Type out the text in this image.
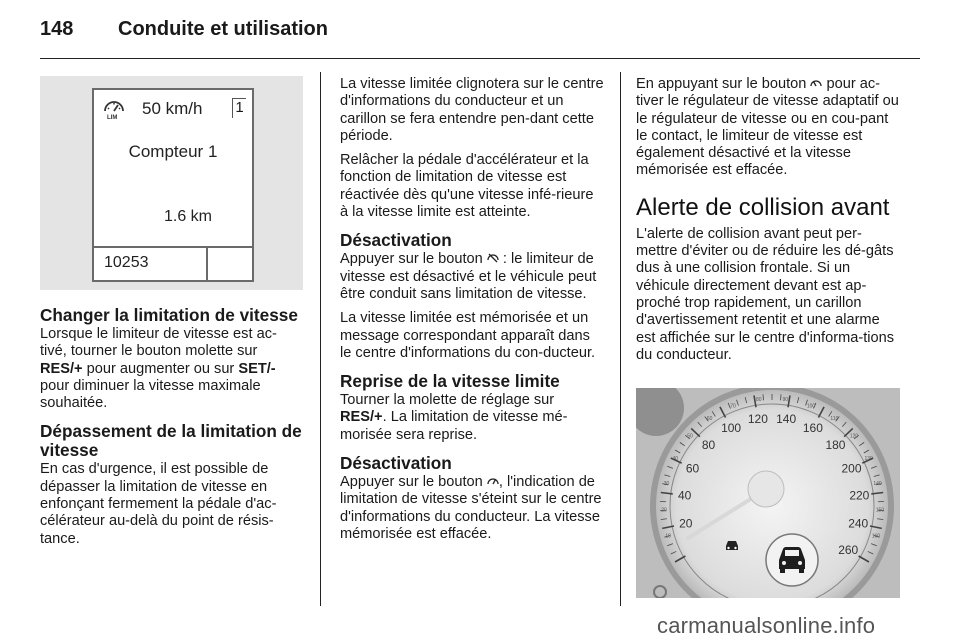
148	Conduite et utilisation
LIM 50 km/h 1
Compteur 1
1.6 km
10253
Changer la limitation de vitesse

Lorsque le limiteur de vitesse est ac-tivé, tourner le bouton molette sur RES/+ pour augmenter ou sur SET/- pour diminuer la vitesse maximale souhaitée.

Dépassement de la limitation de vitesse

En cas d'urgence, il est possible de dépasser la limitation de vitesse en enfonçant fermement la pédale d'ac-célérateur au-delà du point de résis-tance.

La vitesse limitée clignotera sur le centre d'informations du conducteur et un carillon se fera entendre pen-dant cette période.

Relâcher la pédale d'accélérateur et la fonction de limitation de vitesse est réactivée dès qu'une vitesse infé-rieure à la vitesse limite est atteinte.

Désactivation

Appuyer sur le bouton  : le limiteur de vitesse est désactivé et le véhicule peut être conduit sans limitation de vitesse.

La vitesse limitée est mémorisée et un message correspondant apparaît dans le centre d'informations du con-ducteur.

Reprise de la vitesse limite

Tourner la molette de réglage sur RES/+. La limitation de vitesse mé-morisée sera reprise.

Désactivation

Appuyer sur le bouton , l'indication de limitation de vitesse s'éteint sur le centre d'informations du conducteur. La vitesse mémorisée est effacée.

En appuyant sur le bouton  pour ac-tiver le régulateur de vitesse adaptatif ou le régulateur de vitesse ou en cou-pant le contact, le limiteur de vitesse est également désactivé et la vitesse mémorisée est effacée.

Alerte de collision avant

L'alerte de collision avant peut per-mettre d'éviter ou de réduire les dé-gâts dus à une collision frontale. Si un véhicule directement devant est ap-proché trop rapidement, un carillon d'avertissement retentit et une alarme est affichée sur le centre d'informa-tions du conducteur.

20
40
60
80
100
120 140
160
180
200
220
240
260
10
20
30
40
50
60
70
80	90
100
110
120
130
140
150
160
carmanualsonline.info
